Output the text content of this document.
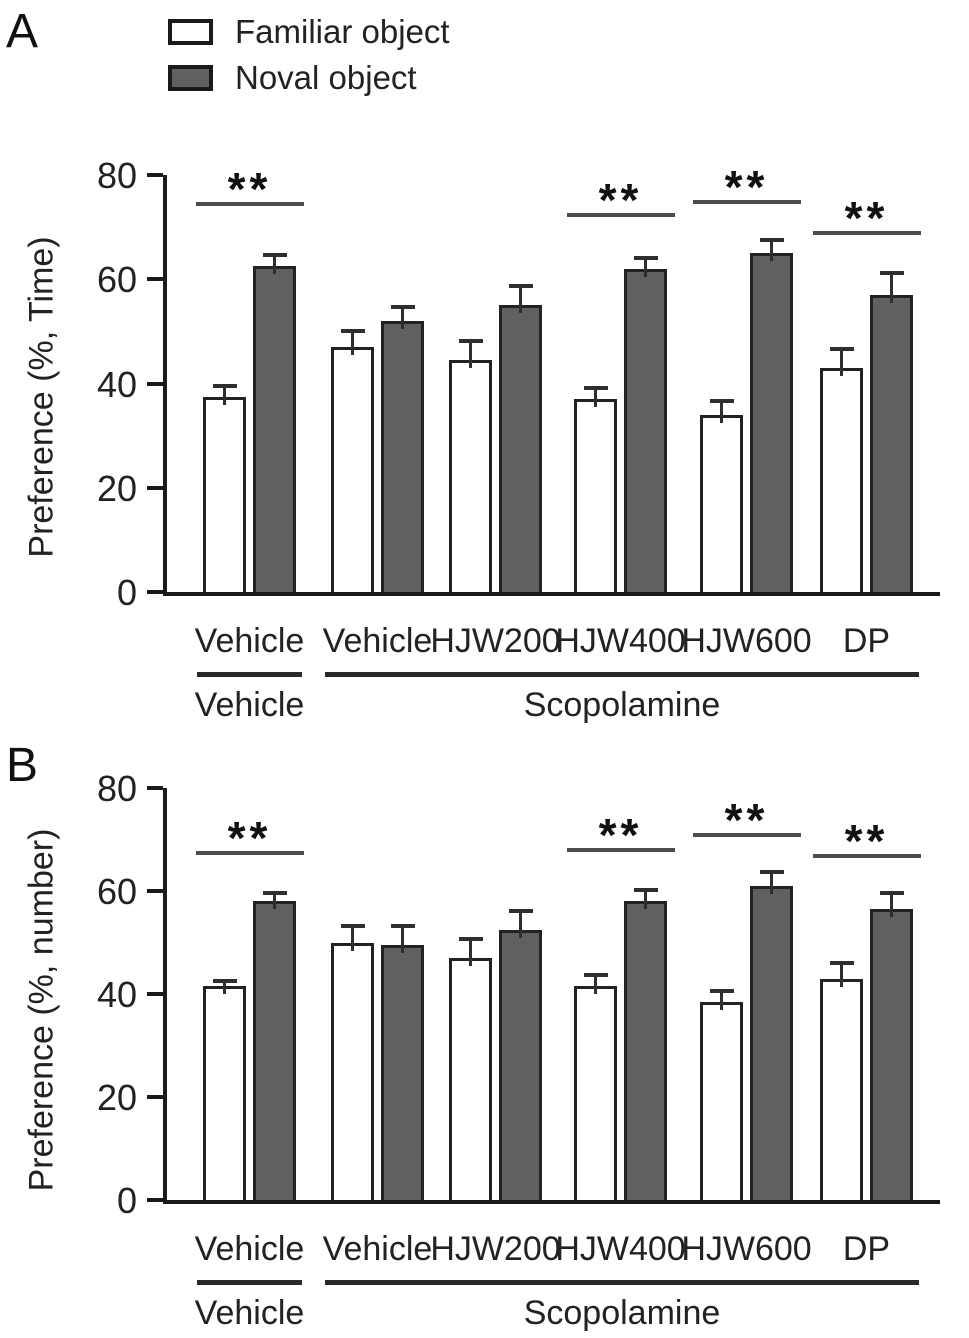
A	Familiar object
Noval object
Preference (%, Time)
0
20
40
60
80
Vehicle Vehicle
HJW200
HJW400
HJW600 DP
Vehicle	Scopolamine
**	**	**
**
B
Preference (%, number)
0
20
40
60
80
Vehicle Vehicle
HJW200
HJW400
HJW600 DP
Vehicle	Scopolamine
**	**	**	**
